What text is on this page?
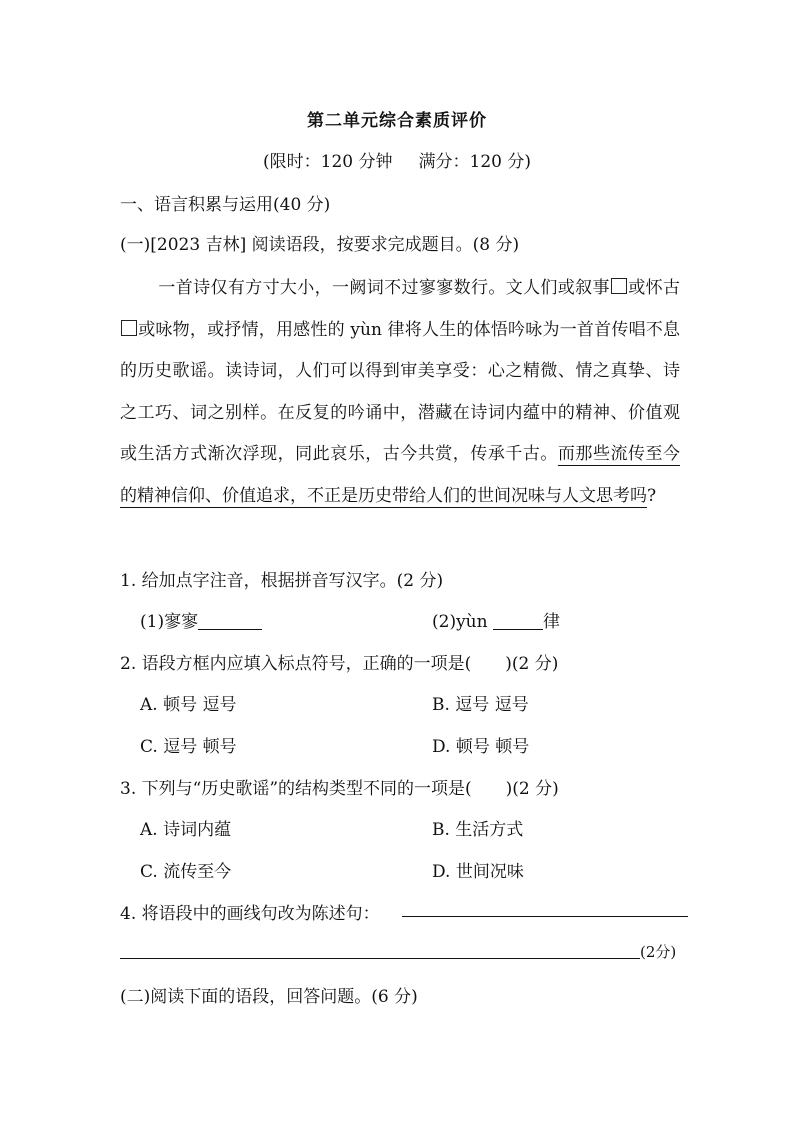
第二单元综合素质评价
(限时：120 分钟 满分：120 分)
一、语言积累与运用(40 分)
(一)[2023 吉林] 阅读语段，按要求完成题目。(8 分)
一首诗仅有方寸大小，一阙词不过寥寥数行。文人们或叙事 或怀古或咏物，或抒情，用感性的 yùn 律将人生的体悟吟咏为一首首传唱不息的历史歌谣。读诗词，人们可以得到审美享受：心之精微、情之真挚、诗之工巧、词之别样。在反复的吟诵中，潜藏在诗词内蕴中的精神、价值观或生活方式渐次浮现，同此哀乐，古今共赏，传承千古。而那些流传至今的精神信仰、价值追求，不正是历史带给人们的世间况味与人文思考吗?
1. 给加点字注音，根据拼音写汉字。(2 分)
(1)寥寥	(2)yùn	律
2. 语段方框内应填入标点符号，正确的一项是( )(2 分)
A. 顿号 逗号	B. 逗号 逗号
C. 逗号 顿号	D. 顿号 顿号
3. 下列与“历史歌谣”的结构类型不同的一项是( )(2 分)
A. 诗词内蕴	B. 生活方式
C. 流传至今	D. 世间况味
4. 将语段中的画线句改为陈述句：
(2分)
(二)阅读下面的语段，回答问题。(6 分)
